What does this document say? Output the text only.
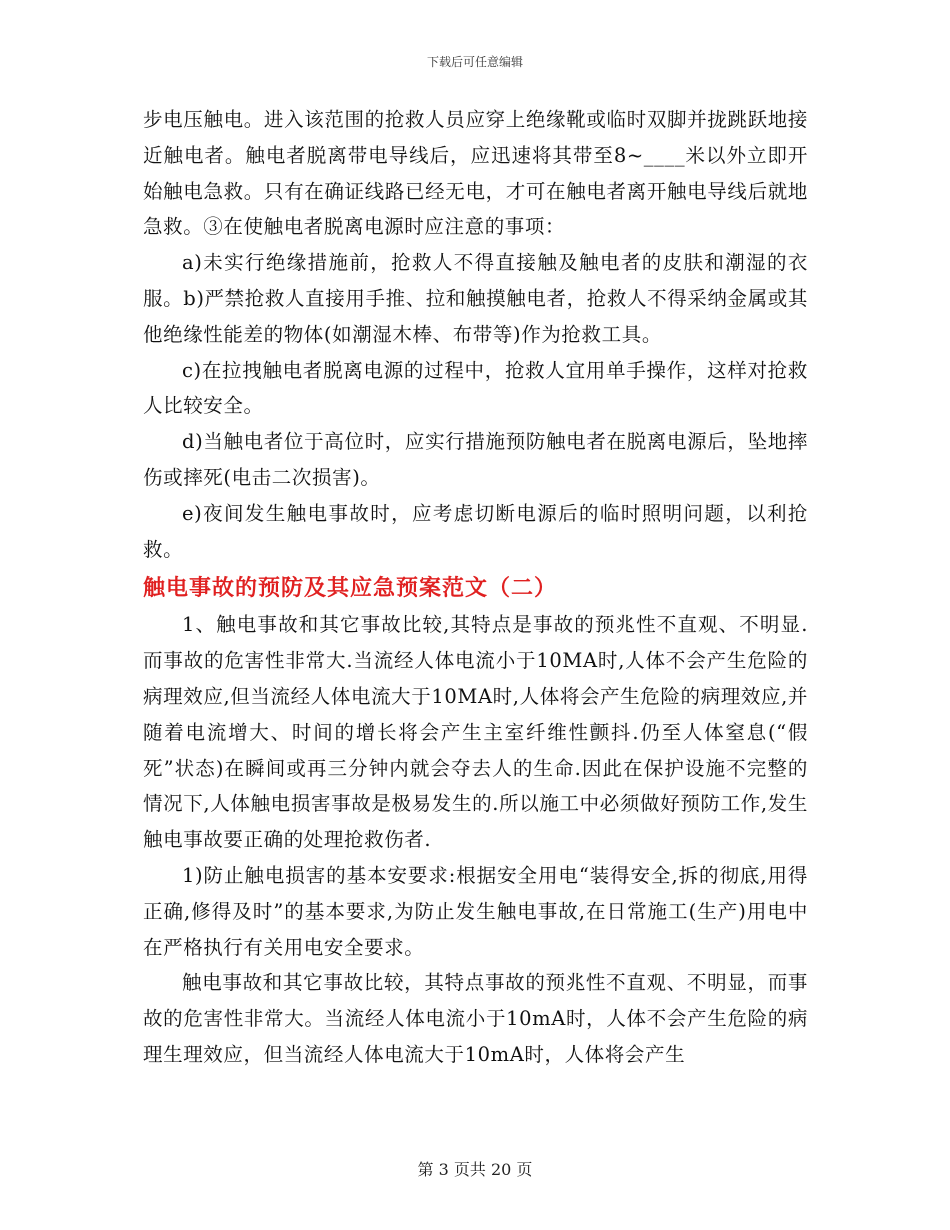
下载后可任意编辑

步电压触电。进入该范围的抢救人员应穿上绝缘靴或临时双脚并拢跳跃地接近触电者。触电者脱离带电导线后，应迅速将其带至8~____米以外立即开始触电急救。只有在确证线路已经无电，才可在触电者离开触电导线后就地急救。③在使触电者脱离电源时应注意的事项：

a)未实行绝缘措施前，抢救人不得直接触及触电者的皮肤和潮湿的衣服。b)严禁抢救人直接用手推、拉和触摸触电者，抢救人不得采纳金属或其他绝缘性能差的物体(如潮湿木棒、布带等)作为抢救工具。

c)在拉拽触电者脱离电源的过程中，抢救人宜用单手操作，这样对抢救人比较安全。

d)当触电者位于高位时，应实行措施预防触电者在脱离电源后，坠地摔伤或摔死(电击二次损害)。

e)夜间发生触电事故时，应考虑切断电源后的临时照明问题，以利抢救。

触电事故的预防及其应急预案范文（二）

1、触电事故和其它事故比较,其特点是事故的预兆性不直观、不明显.而事故的危害性非常大.当流经人体电流小于10MA时,人体不会产生危险的病理效应,但当流经人体电流大于10MA时,人体将会产生危险的病理效应,并随着电流增大、时间的增长将会产生主室纤维性颤抖.仍至人体窒息(“假死”状态)在瞬间或再三分钟内就会夺去人的生命.因此在保护设施不完整的情况下,人体触电损害事故是极易发生的.所以施工中必须做好预防工作,发生触电事故要正确的处理抢救伤者.

1)防止触电损害的基本安要求:根据安全用电“装得安全,拆的彻底,用得正确,修得及时”的基本要求,为防止发生触电事故,在日常施工(生产)用电中在严格执行有关用电安全要求。

触电事故和其它事故比较，其特点事故的预兆性不直观、不明显，而事故的危害性非常大。当流经人体电流小于10mA时，人体不会产生危险的病理生理效应，但当流经人体电流大于10mA时，人体将会产生

第 3 页共 20 页
